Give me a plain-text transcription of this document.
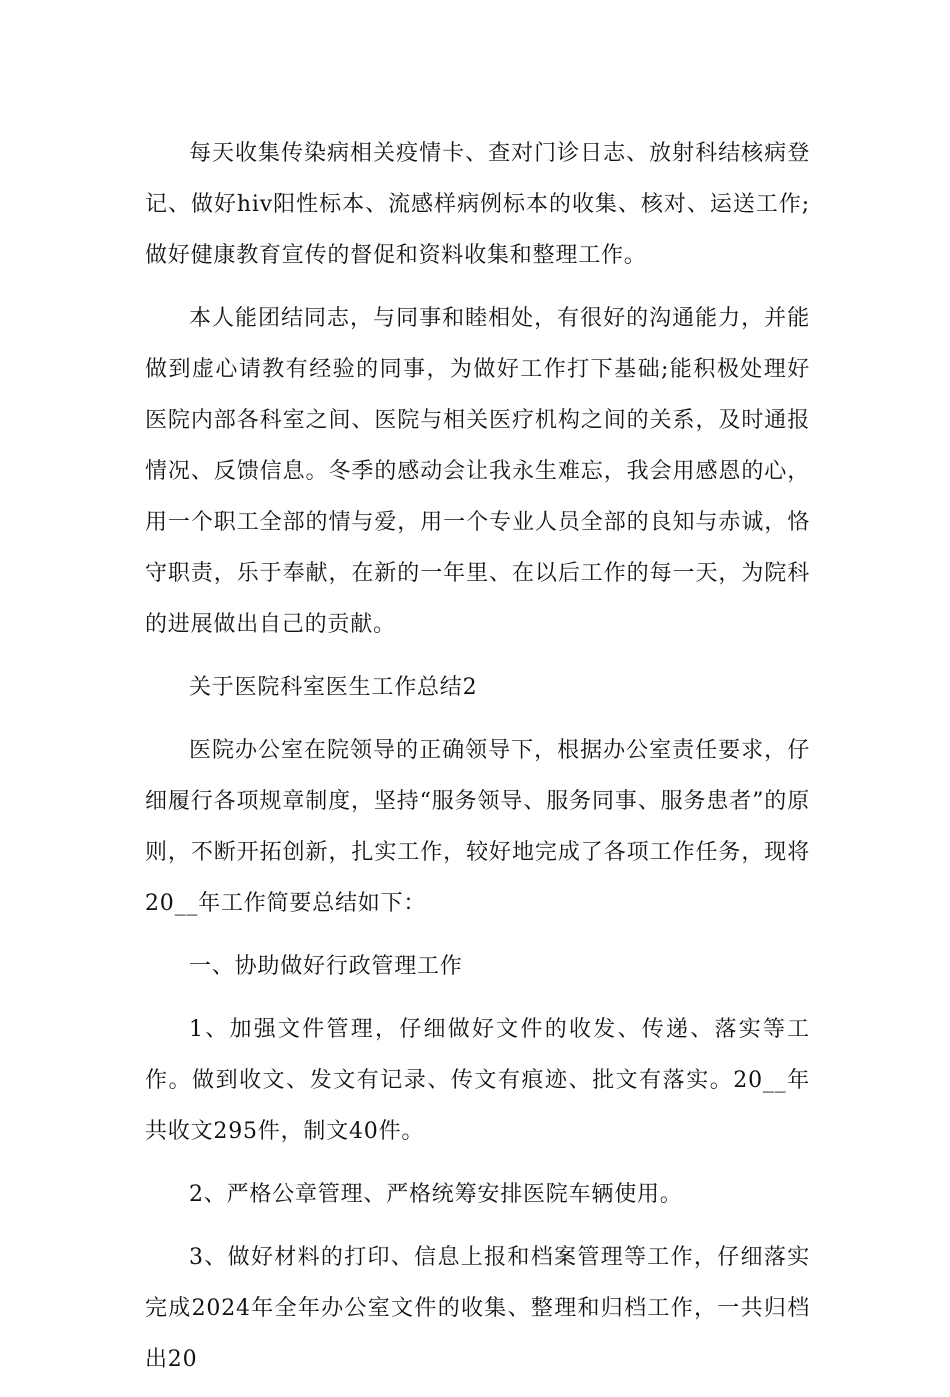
每天收集传染病相关疫情卡、查对门诊日志、放射科结核病登记、做好hiv阳性标本、流感样病例标本的收集、核对、运送工作;做好健康教育宣传的督促和资料收集和整理工作。

本人能团结同志，与同事和睦相处，有很好的沟通能力，并能做到虚心请教有经验的同事，为做好工作打下基础;能积极处理好医院内部各科室之间、医院与相关医疗机构之间的关系，及时通报情况、反馈信息。冬季的感动会让我永生难忘，我会用感恩的心，用一个职工全部的情与爱，用一个专业人员全部的良知与赤诚，恪守职责，乐于奉献，在新的一年里、在以后工作的每一天，为院科的进展做出自己的贡献。

关于医院科室医生工作总结2

医院办公室在院领导的正确领导下，根据办公室责任要求，仔细履行各项规章制度，坚持“服务领导、服务同事、服务患者”的原则，不断开拓创新，扎实工作，较好地完成了各项工作任务，现将20__年工作简要总结如下：

一、协助做好行政管理工作

1、加强文件管理，仔细做好文件的收发、传递、落实等工作。做到收文、发文有记录、传文有痕迹、批文有落实。20__年共收文295件，制文40件。

2、严格公章管理、严格统筹安排医院车辆使用。

3、做好材料的打印、信息上报和档案管理等工作，仔细落实完成2024年全年办公室文件的收集、整理和归档工作，一共归档出20
